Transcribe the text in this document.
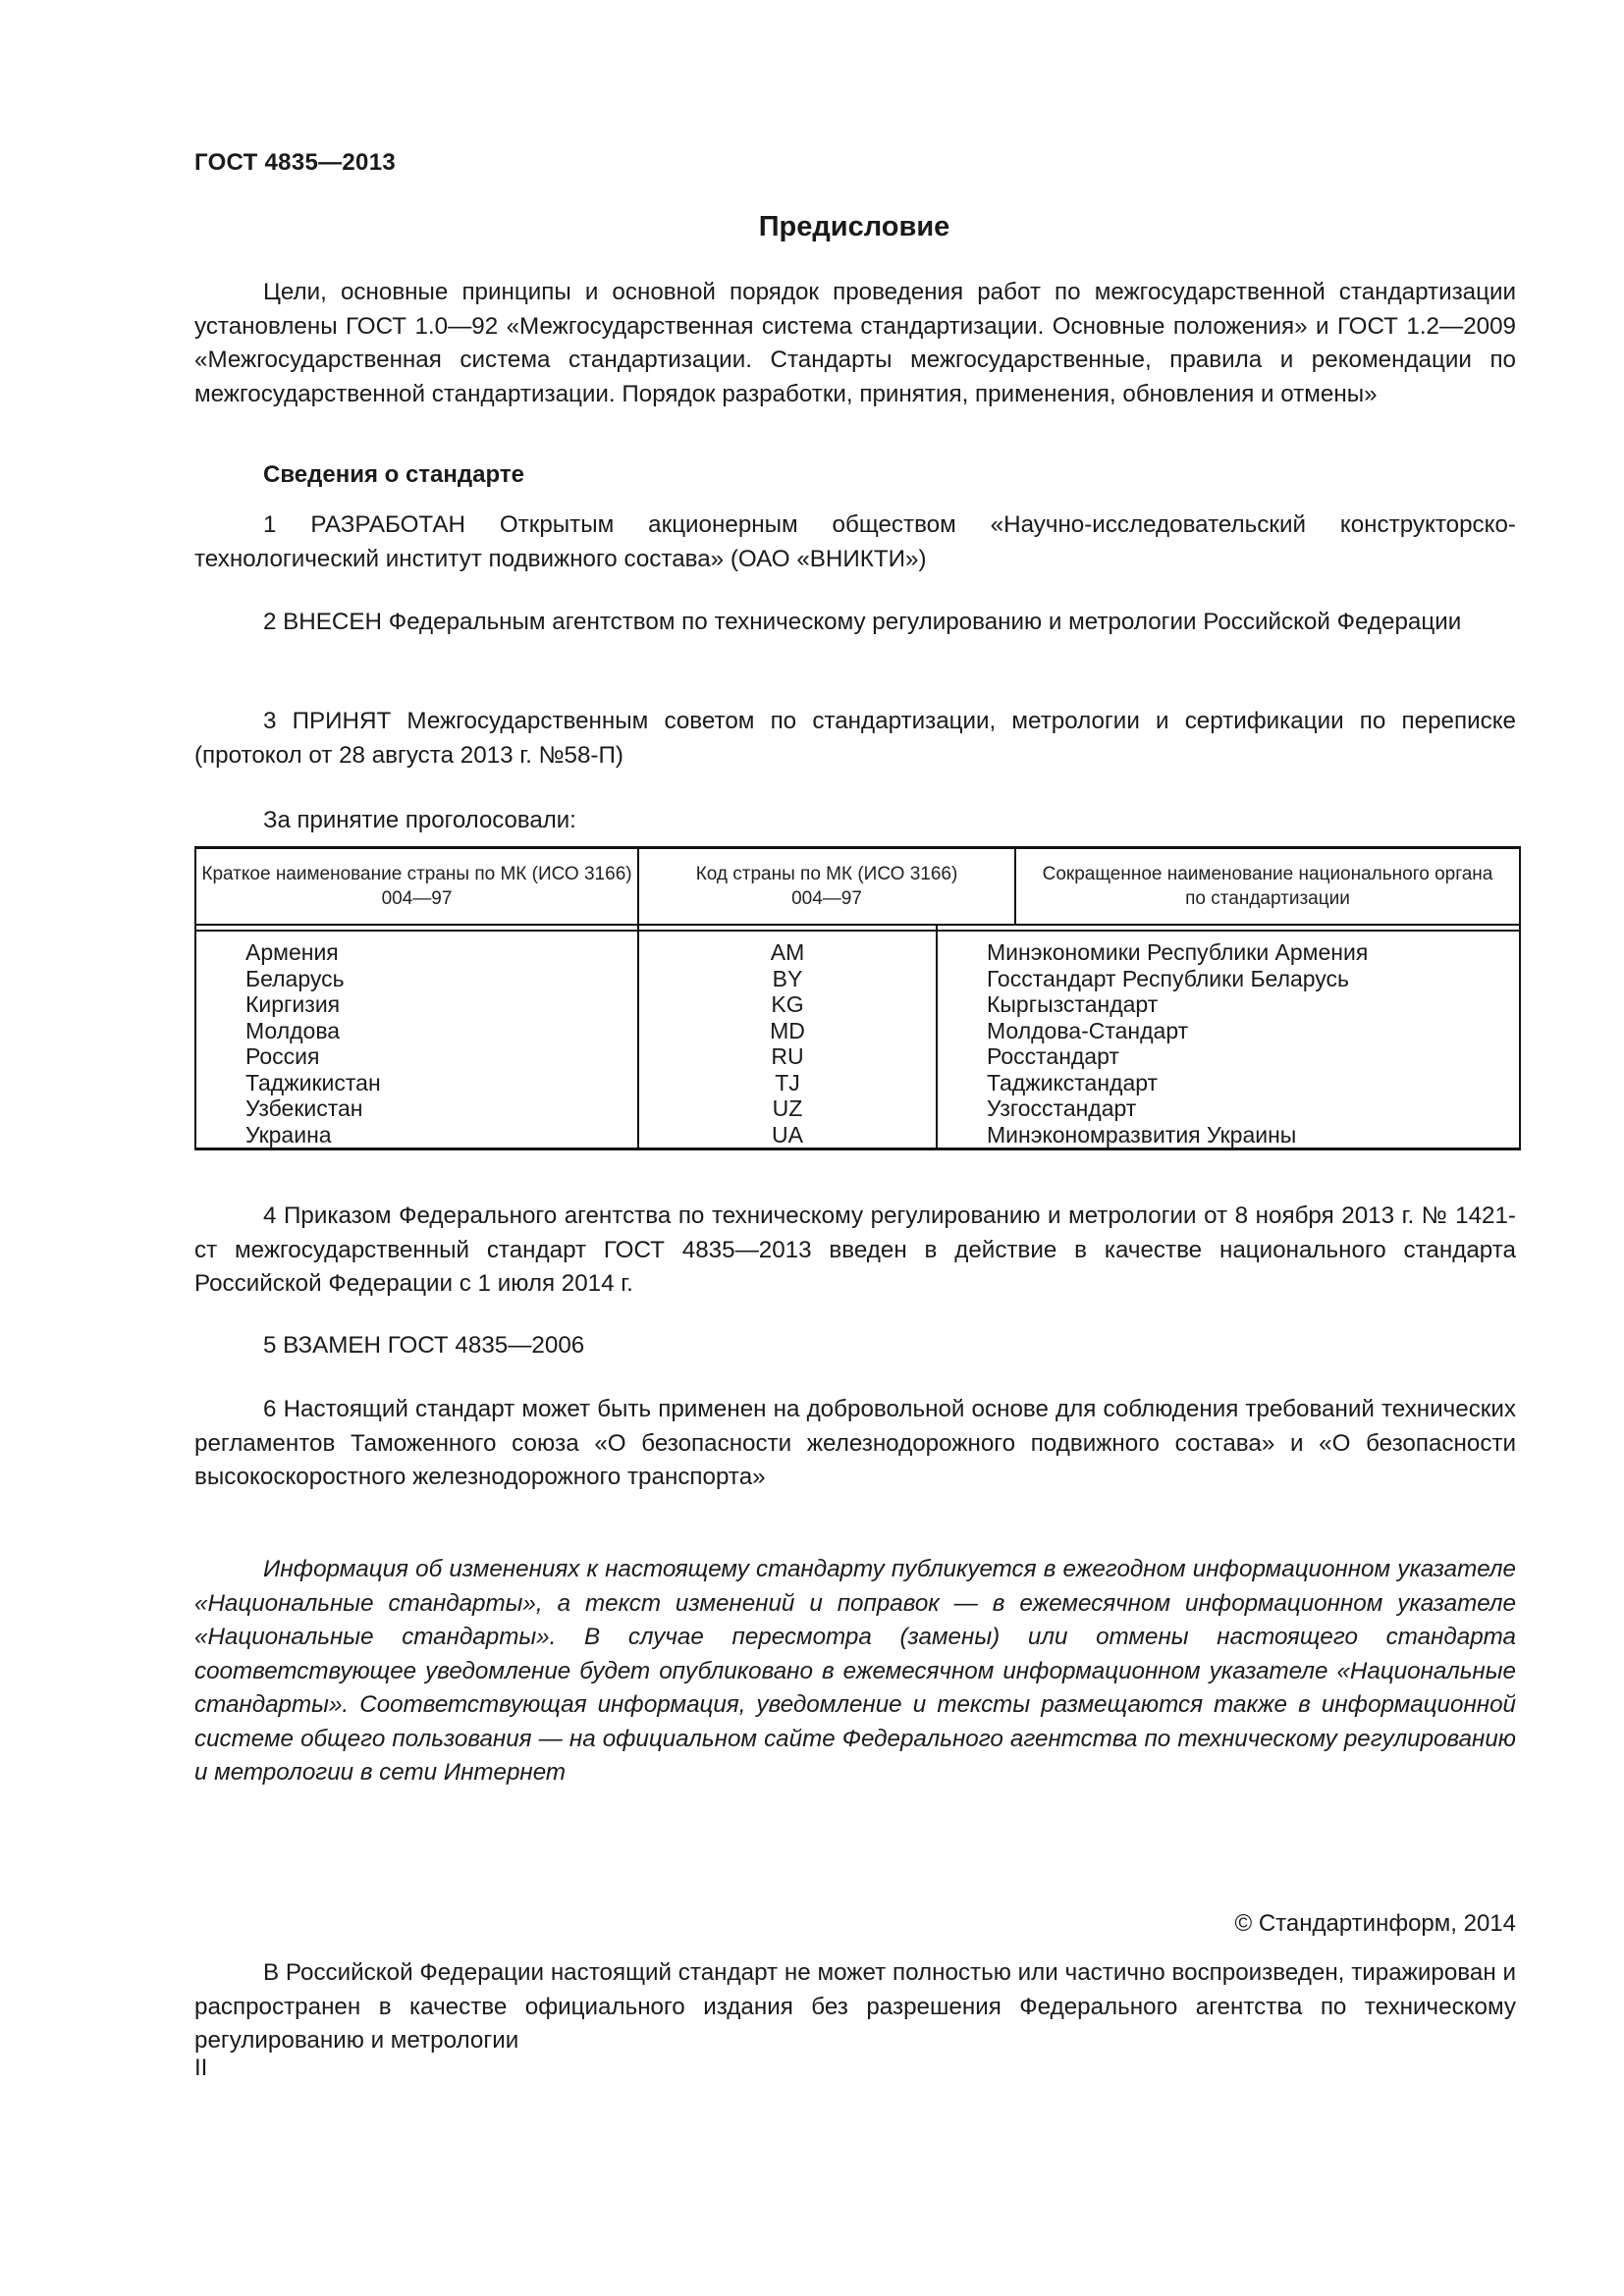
ГОСТ 4835—2013
Предисловие
Цели, основные принципы и основной порядок проведения работ по межгосударственной стандартизации установлены ГОСТ 1.0—92 «Межгосударственная система стандартизации. Основные положения» и ГОСТ 1.2—2009 «Межгосударственная система стандартизации. Стандарты межгосударственные, правила и рекомендации по межгосударственной стандартизации. Порядок разработки, принятия, применения, обновления и отмены»
Сведения о стандарте
1 РАЗРАБОТАН Открытым акционерным обществом «Научно-исследовательский конструкторско-технологический институт подвижного состава» (ОАО «ВНИКТИ»)
2 ВНЕСЕН Федеральным агентством по техническому регулированию и метрологии Российской Федерации
3 ПРИНЯТ Межгосударственным советом по стандартизации, метрологии и сертификации по переписке (протокол от 28 августа 2013 г. №58-П)
За принятие проголосовали:
Краткое наименование страны по МК (ИСО 3166) 004—97
Код страны по МК (ИСО 3166) 004—97
Сокращенное наименование национального органа по стандартизации
Армения
Беларусь
Киргизия
Молдова
Россия
Таджикистан
Узбекистан
Украина
AM
BY
KG
MD
RU
TJ
UZ
UA
Минэкономики Республики Армения
Госстандарт Республики Беларусь
Кыргызстандарт
Молдова-Стандарт
Росстандарт
Таджикстандарт
Узгосстандарт
Минэкономразвития Украины
4 Приказом Федерального агентства по техническому регулированию и метрологии от 8 ноября 2013 г. № 1421-ст межгосударственный стандарт ГОСТ 4835—2013 введен в действие в качестве национального стандарта Российской Федерации с 1 июля 2014 г.
5 ВЗАМЕН ГОСТ 4835—2006
6 Настоящий стандарт может быть применен на добровольной основе для соблюдения требований технических регламентов Таможенного союза «О безопасности железнодорожного подвижного состава» и «О безопасности высокоскоростного железнодорожного транспорта»
Информация об изменениях к настоящему стандарту публикуется в ежегодном информационном указателе «Национальные стандарты», а текст изменений и поправок — в ежемесячном информационном указателе «Национальные стандарты». В случае пересмотра (замены) или отмены настоящего стандарта соответствующее уведомление будет опубликовано в ежемесячном информационном указателе «Национальные стандарты». Соответствующая информация, уведомление и тексты размещаются также в информационной системе общего пользования — на официальном сайте Федерального агентства по техническому регулированию и метрологии в сети Интернет
© Стандартинформ, 2014
В Российской Федерации настоящий стандарт не может полностью или частично воспроизведен, тиражирован и распространен в качестве официального издания без разрешения Федерального агентства по техническому регулированию и метрологии
II
